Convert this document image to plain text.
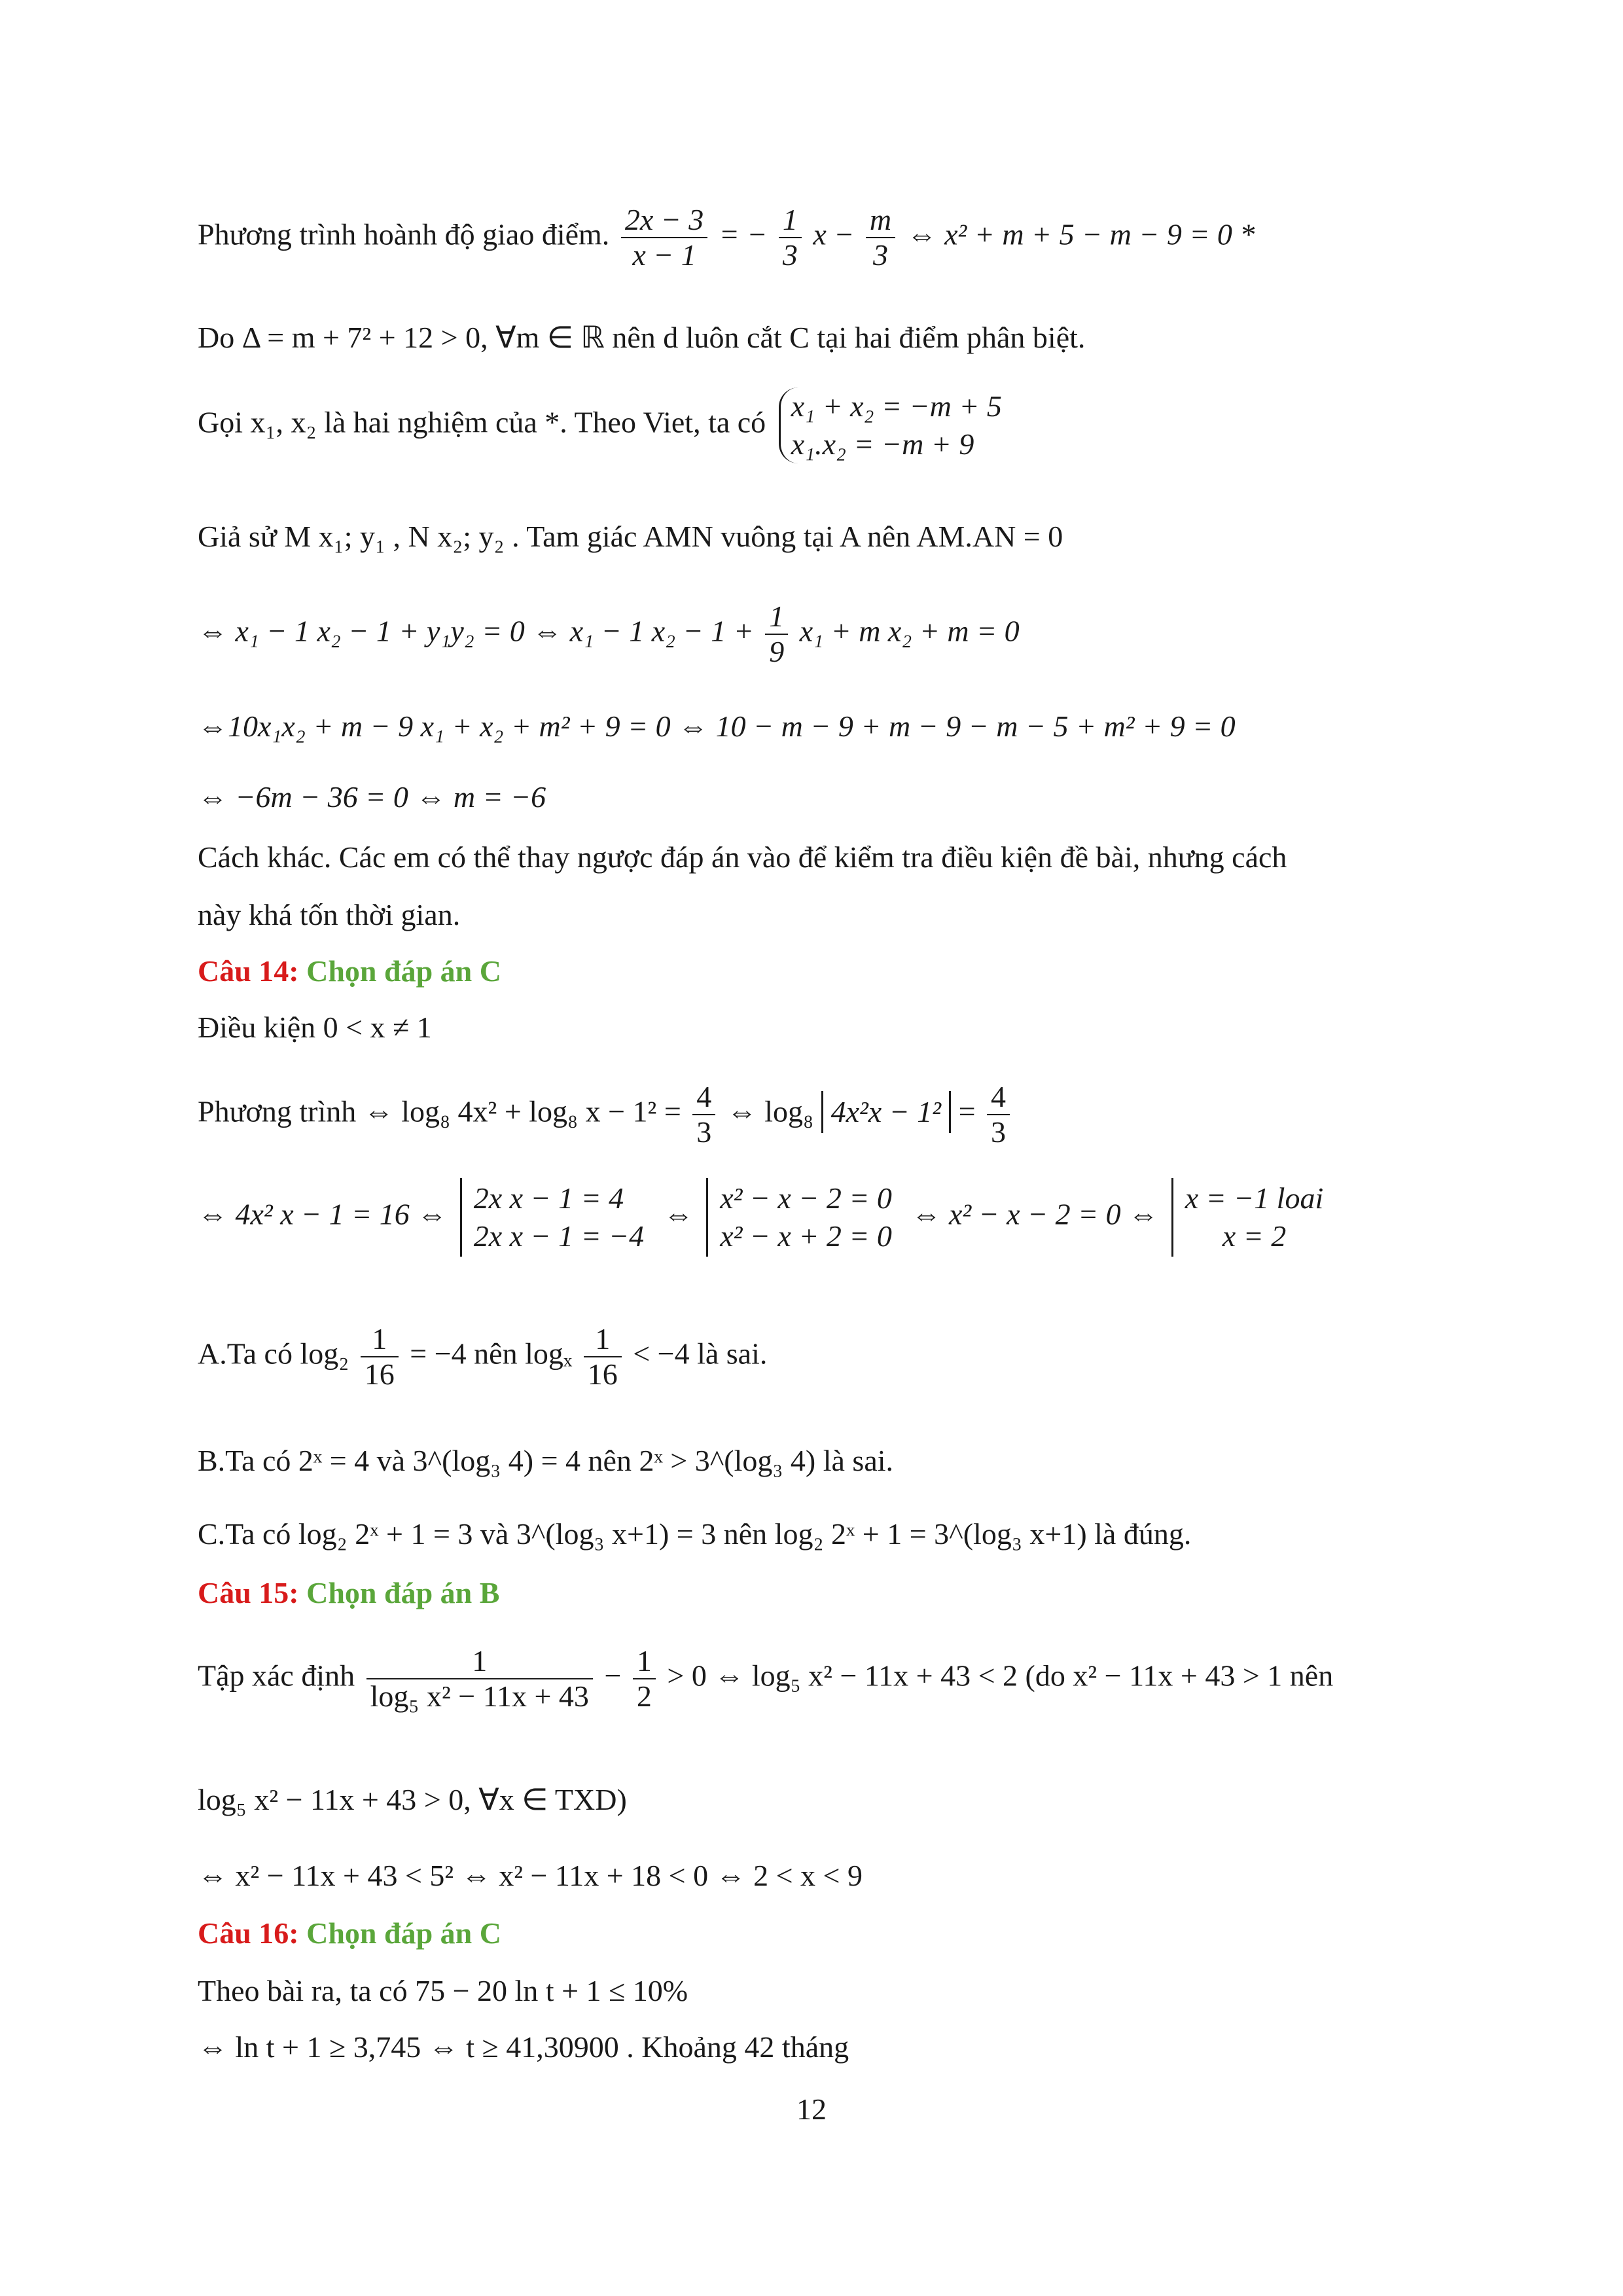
Phương trình hoành độ giao điểm. $\frac{2x - 3}{x - 1}$ = − $\frac{1}{3}$ $x - \frac{m}{3}$ ⇔ x² + m + 5 − m − 9 = 0 *
Do Δ = m + 7² + 12 > 0, ∀m ∈ ℝ nên d luôn cắt C tại hai điểm phân biệt.
Gọi x₁, x₂ là hai nghiệm của *. Theo Viet, ta có x₁ + x₂ = −m + 5
x₁.x₂ = −m + 9
Giả sử M x₁; y₁ , N x₂; y₂ . Tam giác AMN vuông tại A nên AM.AN = 0
⇔ x₁ − 1 x₂ − 1 + y₁y₂ = 0 ⇔ x₁ − 1 $x_2 - 1 + \frac{1}{9} x_1 + m$ x₂ + m = 0
⇔10x₁x₂ + m − 9 x₁ + x₂ + m² + 9 = 0 ⇔ 10 − m − 9 + m − 9 − m − 5 + m² + 9 = 0
⇔ −6m − 36 = 0 ⇔ m = −6
Cách khác. Các em có thể thay ngược đáp án vào để kiểm tra điều kiện đề bài, nhưng cách
này khá tốn thời gian.
Câu 14: Chọn đáp án C
Điều kiện 0 < x ≠ 1
Phương trình ⇔ log₈ 4x² + log₈ $x - 1^2 = \frac{4}{3}$ ⇔ log₈ $4x^2x - 1^2 = \frac{4}{3}$
⇔ 4x² x − 1 = 16 ⇔ 2x x − 1 = 4
2x x − 1 = −4
⇔ x² − x − 2 = 0
x² − x + 2 = 0
⇔ x² − x − 2 = 0 ⇔ x = −1 loai
x = 2
A.Ta có $\log_2 \frac{1}{16} = -4$ nên logₓ $\frac{1}{16} < -4$ là sai.
B.Ta có 2ˣ = 4 và 3^(log₃ 4) = 4 nên 2ˣ > 3^(log₃ 4) là sai.
C.Ta có log₂ 2ˣ + 1 = 3 và 3^(log₃ x+1) = 3 nên log₂ 2ˣ + 1 = 3^(log₃ x+1) là đúng.
Câu 15: Chọn đáp án B
Tập xác định $\frac{1}{\text{log₅ x² − 11x + 43}} - \frac{1}{2} > 0$ ⇔ log₅ x² − 11x + 43 < 2 (do x² − 11x + 43 > 1 nên
log₅ x² − 11x + 43 > 0, ∀x ∈ TXD)
⇔ x² − 11x + 43 < 5² ⇔ x² − 11x + 18 < 0 ⇔ 2 < x < 9
Câu 16: Chọn đáp án C
Theo bài ra, ta có 75 − 20 ln t + 1 ≤ 10%
⇔ ln t + 1 ≥ 3,745 ⇔ t ≥ 41,30900 . Khoảng 42 tháng
12
